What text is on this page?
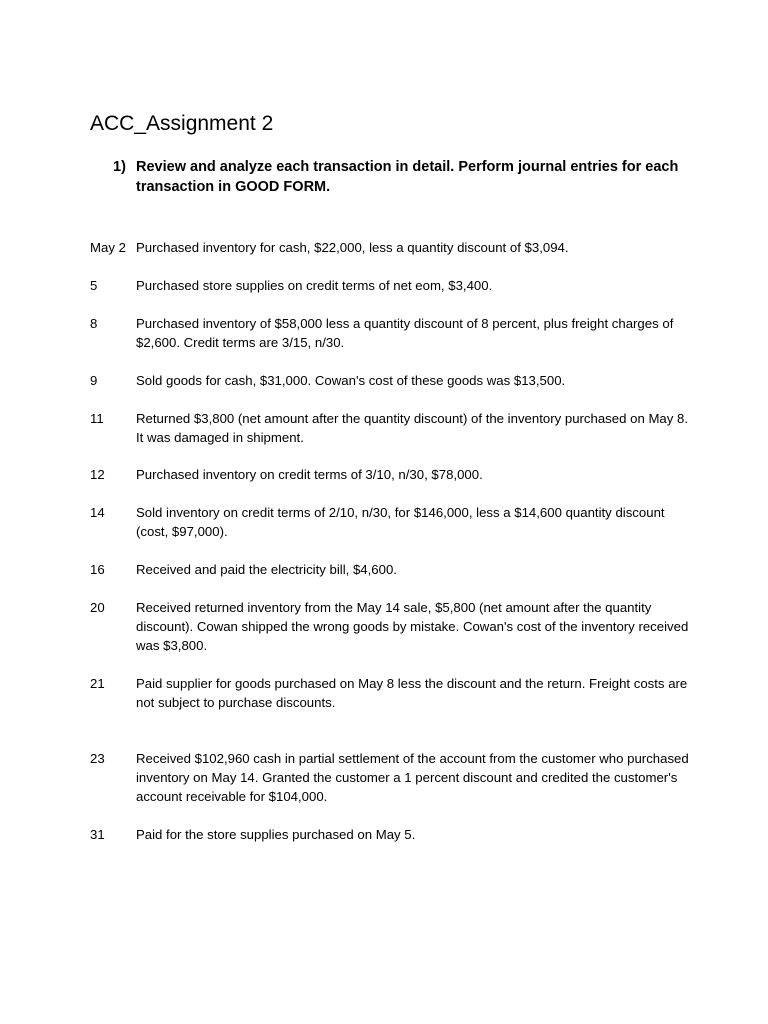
ACC_Assignment 2
1) Review and analyze each transaction in detail. Perform journal entries for each transaction in GOOD FORM.
May 2 Purchased inventory for cash, $22,000, less a quantity discount of $3,094.
5	Purchased store supplies on credit terms of net eom, $3,400.
8	Purchased inventory of $58,000 less a quantity discount of 8 percent, plus freight charges of $2,600. Credit terms are 3/15, n/30.
9	Sold goods for cash, $31,000. Cowan's cost of these goods was $13,500.
11 Returned $3,800 (net amount after the quantity discount) of the inventory purchased on May 8. It was damaged in shipment.
12 Purchased inventory on credit terms of 3/10, n/30, $78,000.
14 Sold inventory on credit terms of 2/10, n/30, for $146,000, less a $14,600 quantity discount (cost, $97,000).
16 Received and paid the electricity bill, $4,600.
20 Received returned inventory from the May 14 sale, $5,800 (net amount after the quantity discount). Cowan shipped the wrong goods by mistake. Cowan's cost of the inventory received was $3,800.
21 Paid supplier for goods purchased on May 8 less the discount and the return. Freight costs are not subject to purchase discounts.
23 Received $102,960 cash in partial settlement of the account from the customer who purchased inventory on May 14. Granted the customer a 1 percent discount and credited the customer's account receivable for $104,000.
31 Paid for the store supplies purchased on May 5.
